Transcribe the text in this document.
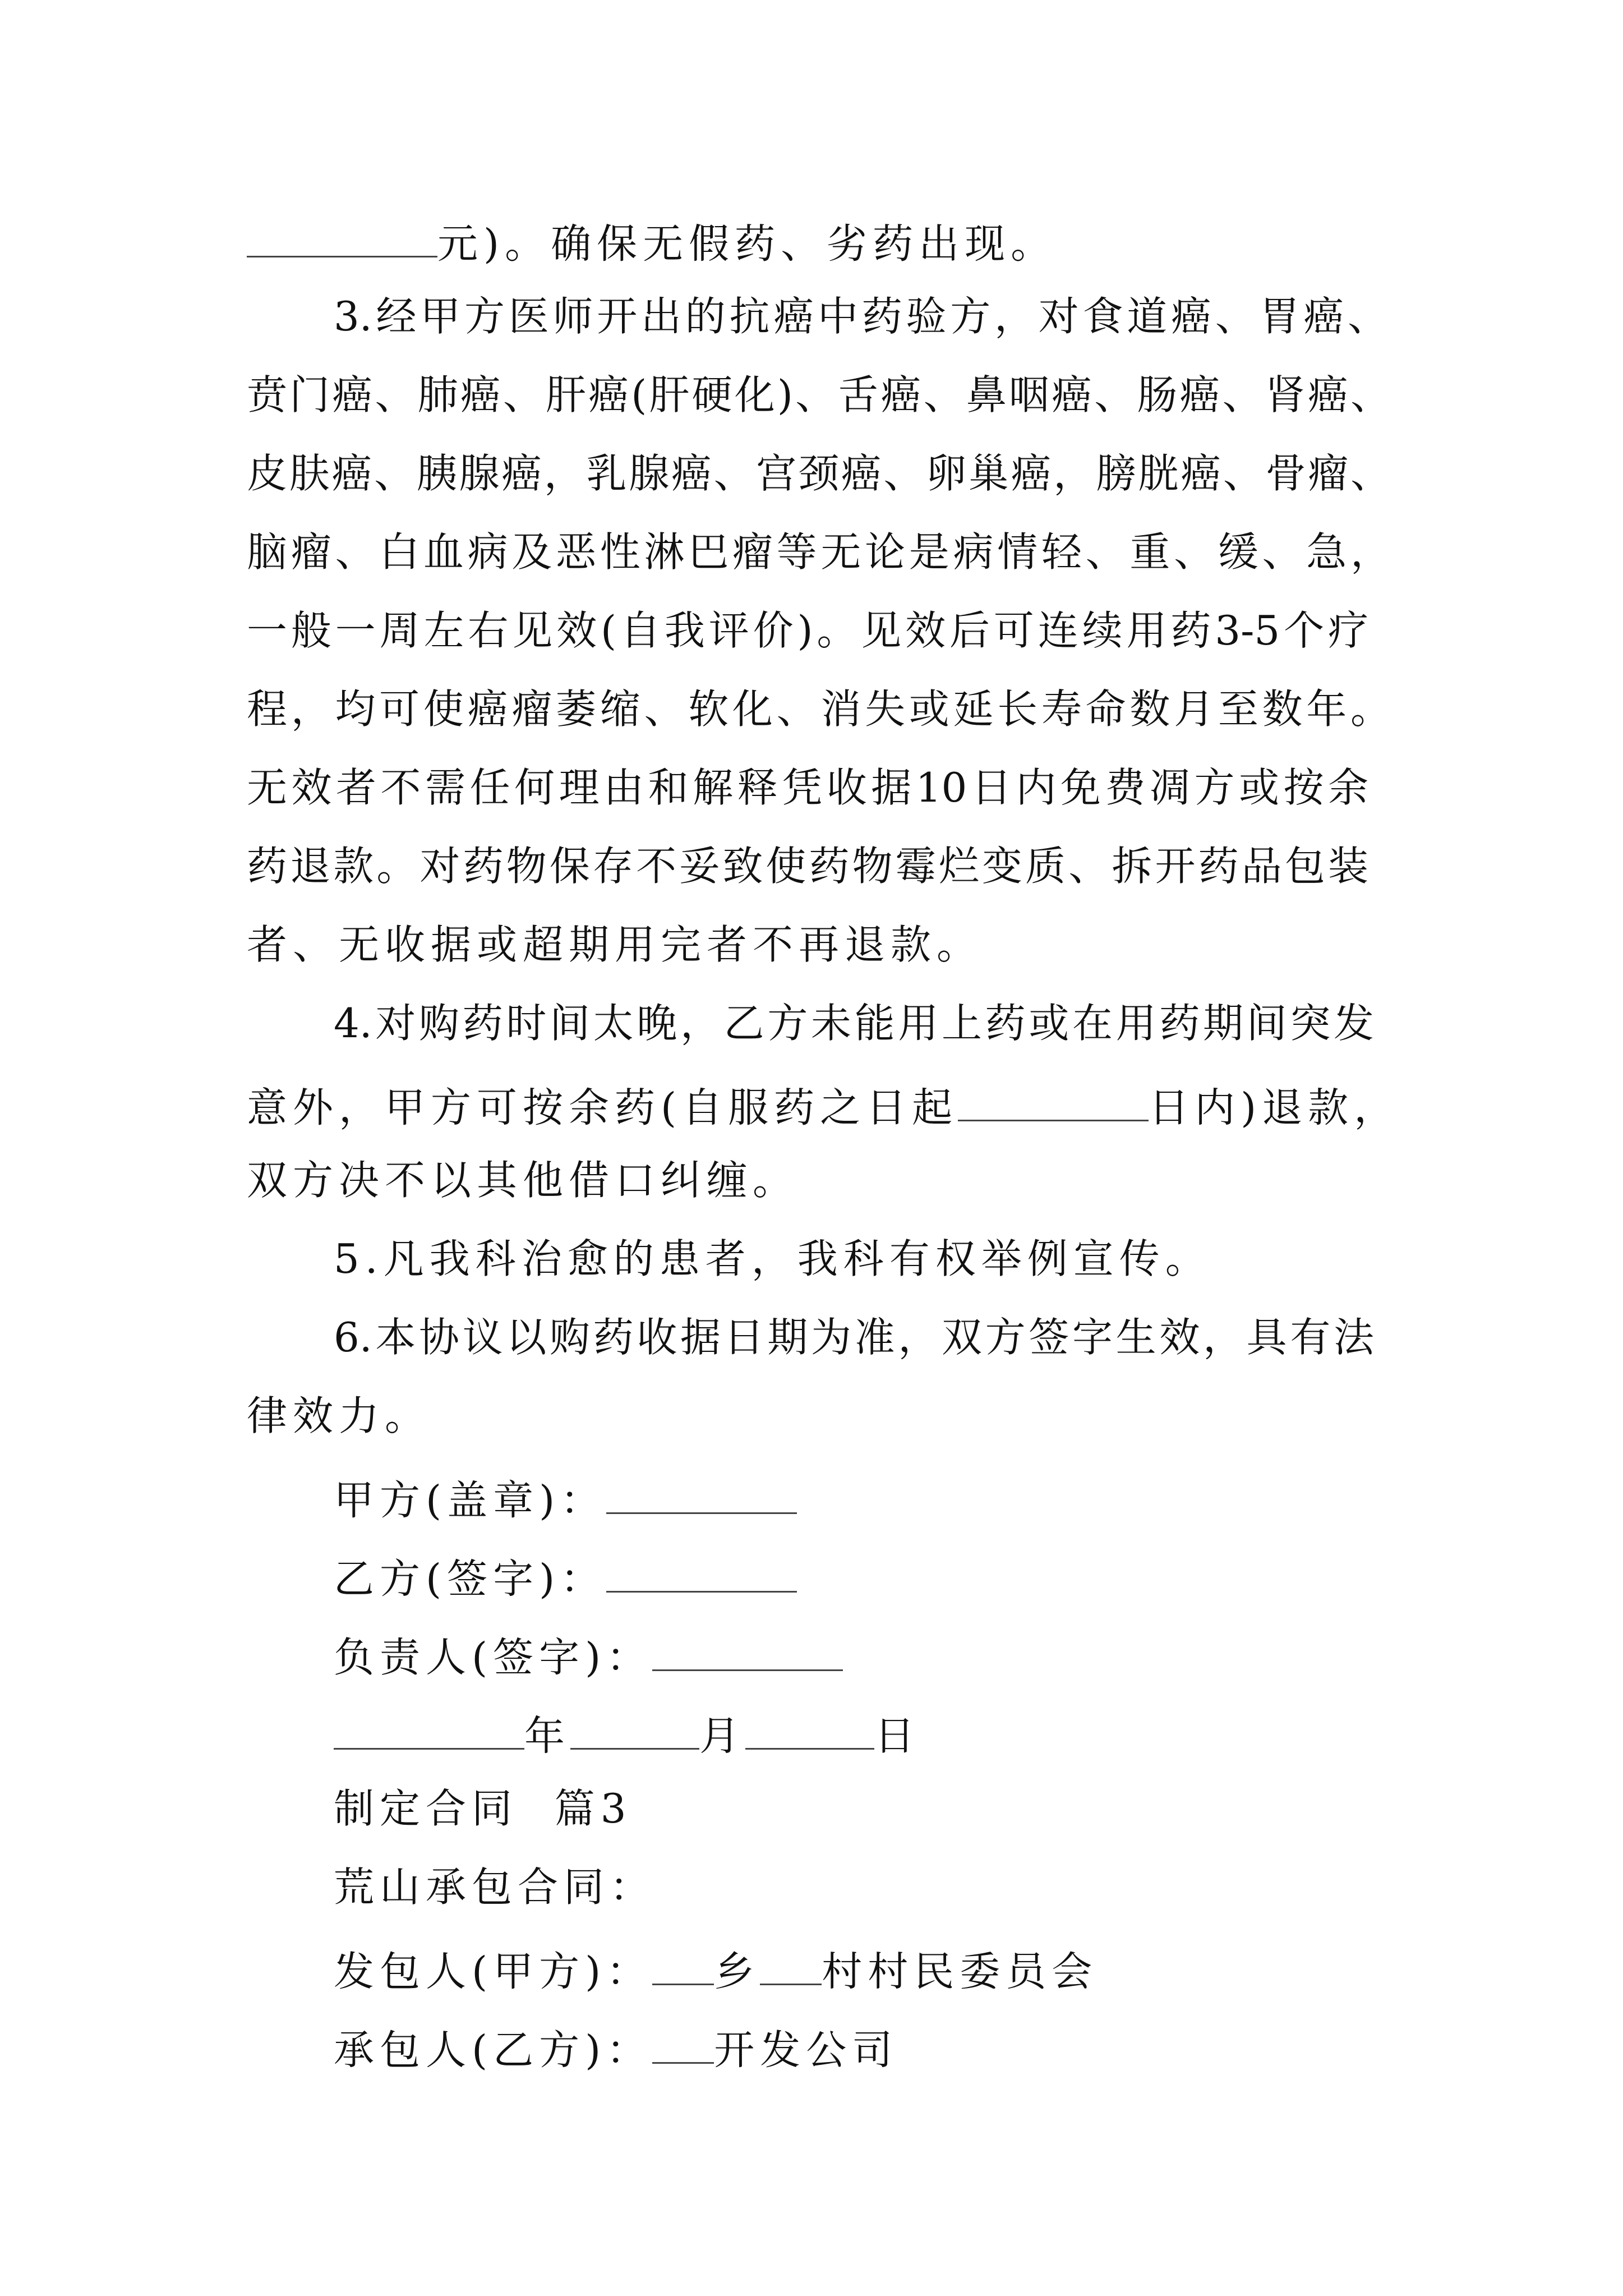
元)。确保无假药、劣药出现。
3.经甲方医师开出的抗癌中药验方，对食道癌、胃癌、
贲门癌、肺癌、肝癌(肝硬化)、舌癌、鼻咽癌、肠癌、肾癌、
皮肤癌、胰腺癌，乳腺癌、宫颈癌、卵巢癌，膀胱癌、骨瘤、
脑瘤、白血病及恶性淋巴瘤等无论是病情轻、重、缓、急，
一般一周左右见效(自我评价)。见效后可连续用药3-5个疗
程，均可使癌瘤萎缩、软化、消失或延长寿命数月至数年。
无效者不需任何理由和解释凭收据10日内免费凋方或按余
药退款。对药物保存不妥致使药物霉烂变质、拆开药品包装
者、无收据或超期用完者不再退款。
4.对购药时间太晚，乙方未能用上药或在用药期间突发
意外，甲方可按余药(自服药之日起	日内)退款，
双方决不以其他借口纠缠。
5.凡我科治愈的患者，我科有权举例宣传。
6.本协议以购药收据日期为准，双方签字生效，具有法
律效力。
甲方(盖章)：
乙方(签字)：
负责人(签字)：
年	月	日
制定合同  篇3
荒山承包合同：
发包人(甲方)： 乡 村村民委员会
承包人(乙方)： 开发公司
